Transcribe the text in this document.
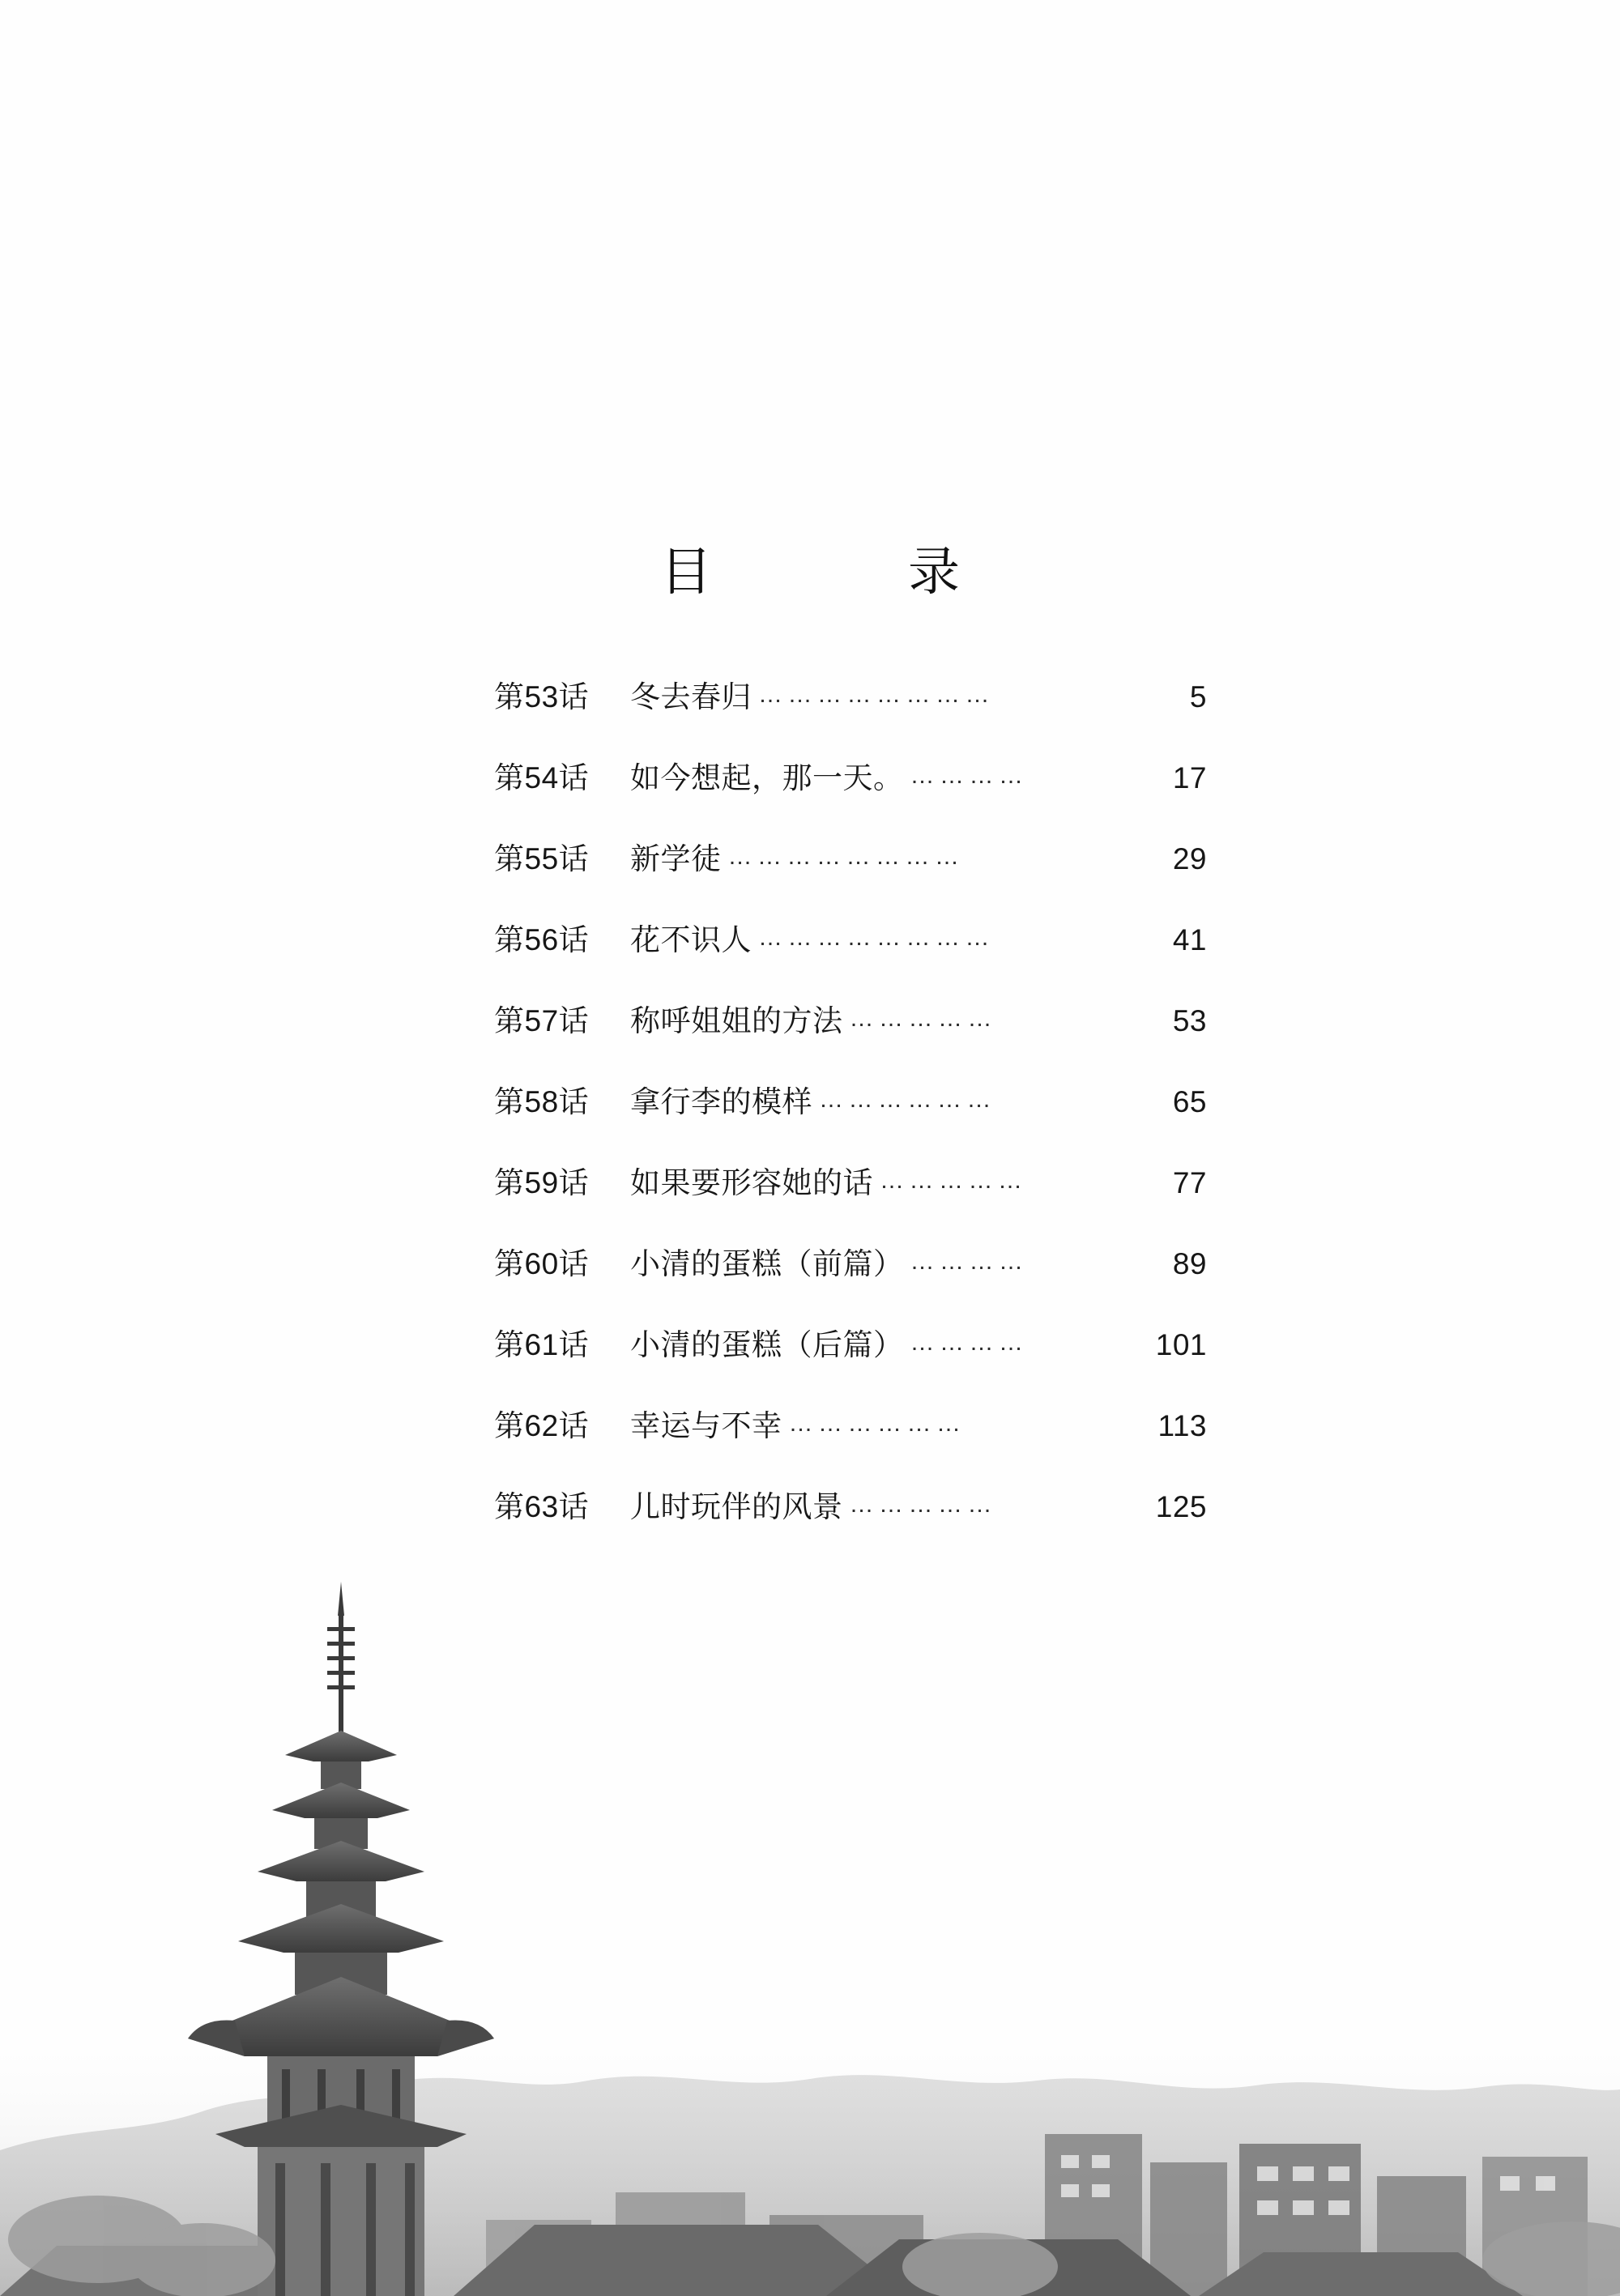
目　　录
第53话	冬去春归 ……………………	5
第54话	如今想起，那一天。 …………	17
第55话	新学徒 ……………………	29
第56话	花不识人 ……………………	41
第57话	称呼姐姐的方法 ……………	53
第58话	拿行李的模样 ………………	65
第59话	如果要形容她的话 ……………	77
第60话	小清的蛋糕（前篇） …………	89
第61话	小清的蛋糕（后篇） …………	101
第62话	幸运与不幸 ………………	113
第63话	儿时玩伴的风景 ……………	125
